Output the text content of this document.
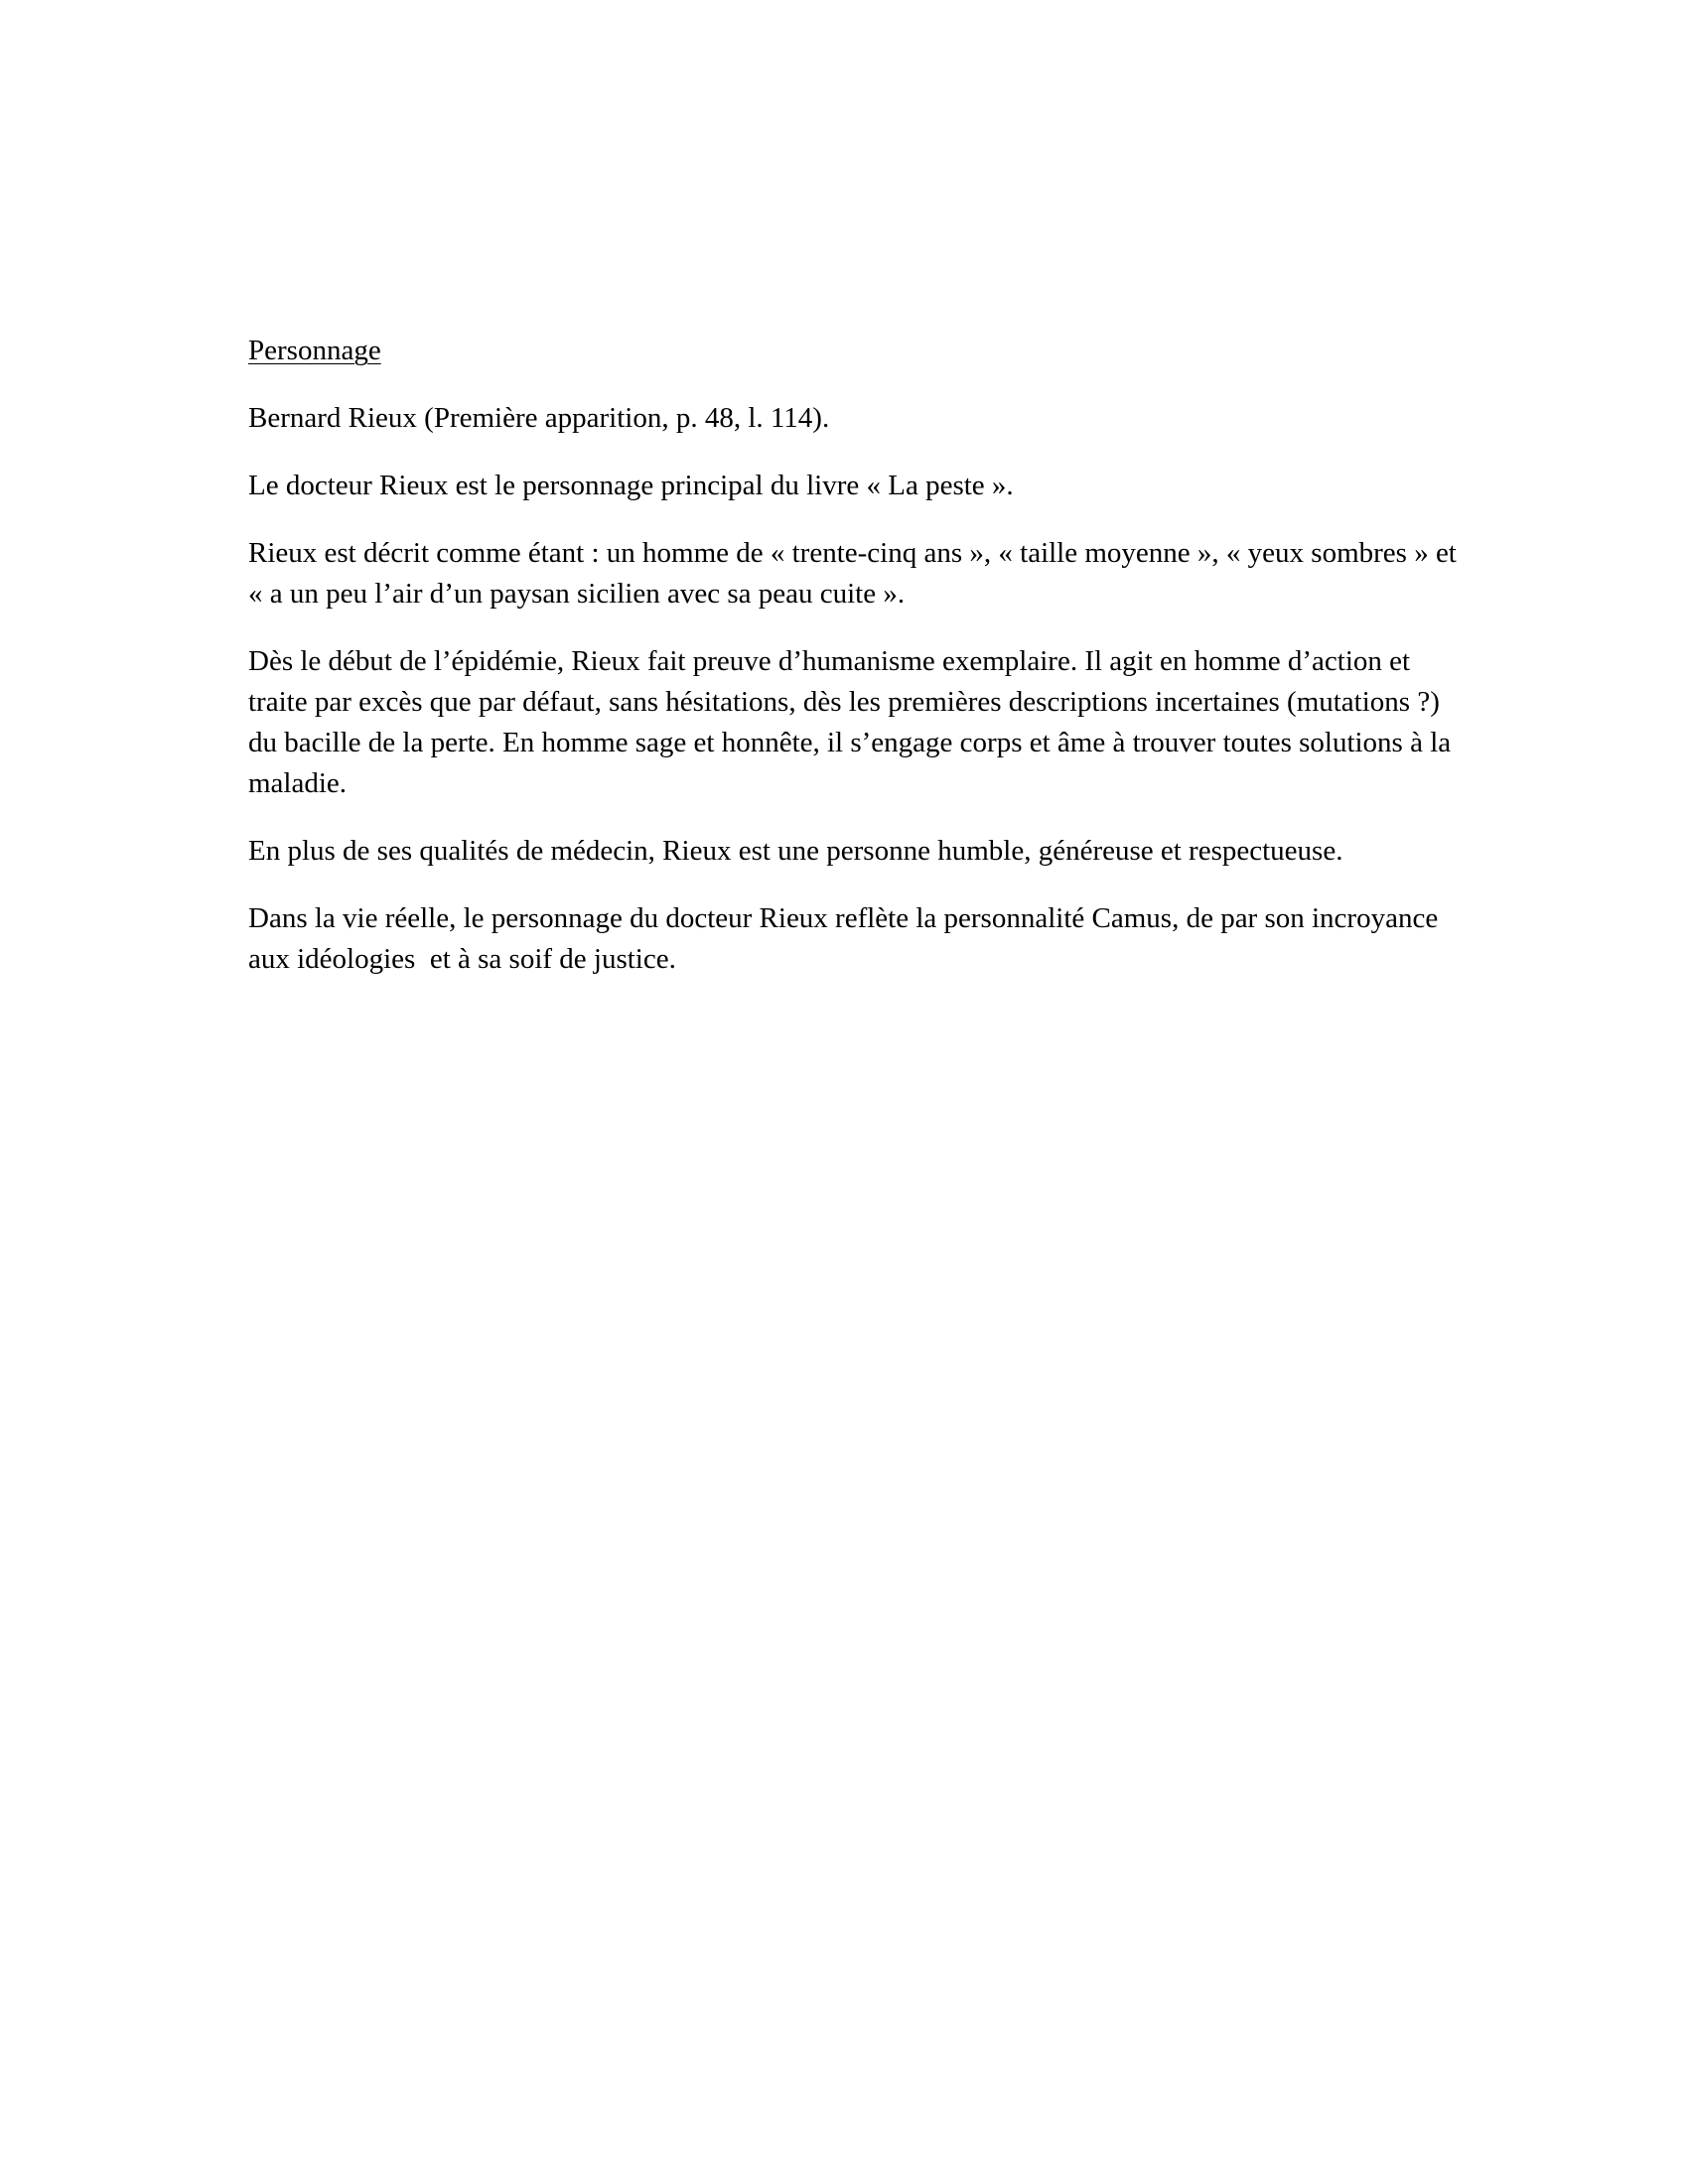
Personnage

Bernard Rieux (Première apparition, p. 48, l. 114).

Le docteur Rieux est le personnage principal du livre « La peste ».

Rieux est décrit comme étant : un homme de « trente-cinq ans », « taille moyenne », « yeux sombres » et « a un peu l’air d’un paysan sicilien avec sa peau cuite ».

Dès le début de l’épidémie, Rieux fait preuve d’humanisme exemplaire. Il agit en homme d’action et traite par excès que par défaut, sans hésitations, dès les premières descriptions incertaines (mutations ?) du bacille de la perte. En homme sage et honnête, il s’engage corps et âme à trouver toutes solutions à la maladie.

En plus de ses qualités de médecin, Rieux est une personne humble, généreuse et respectueuse.

Dans la vie réelle, le personnage du docteur Rieux reflète la personnalité Camus, de par son incroyance aux idéologies  et à sa soif de justice.
